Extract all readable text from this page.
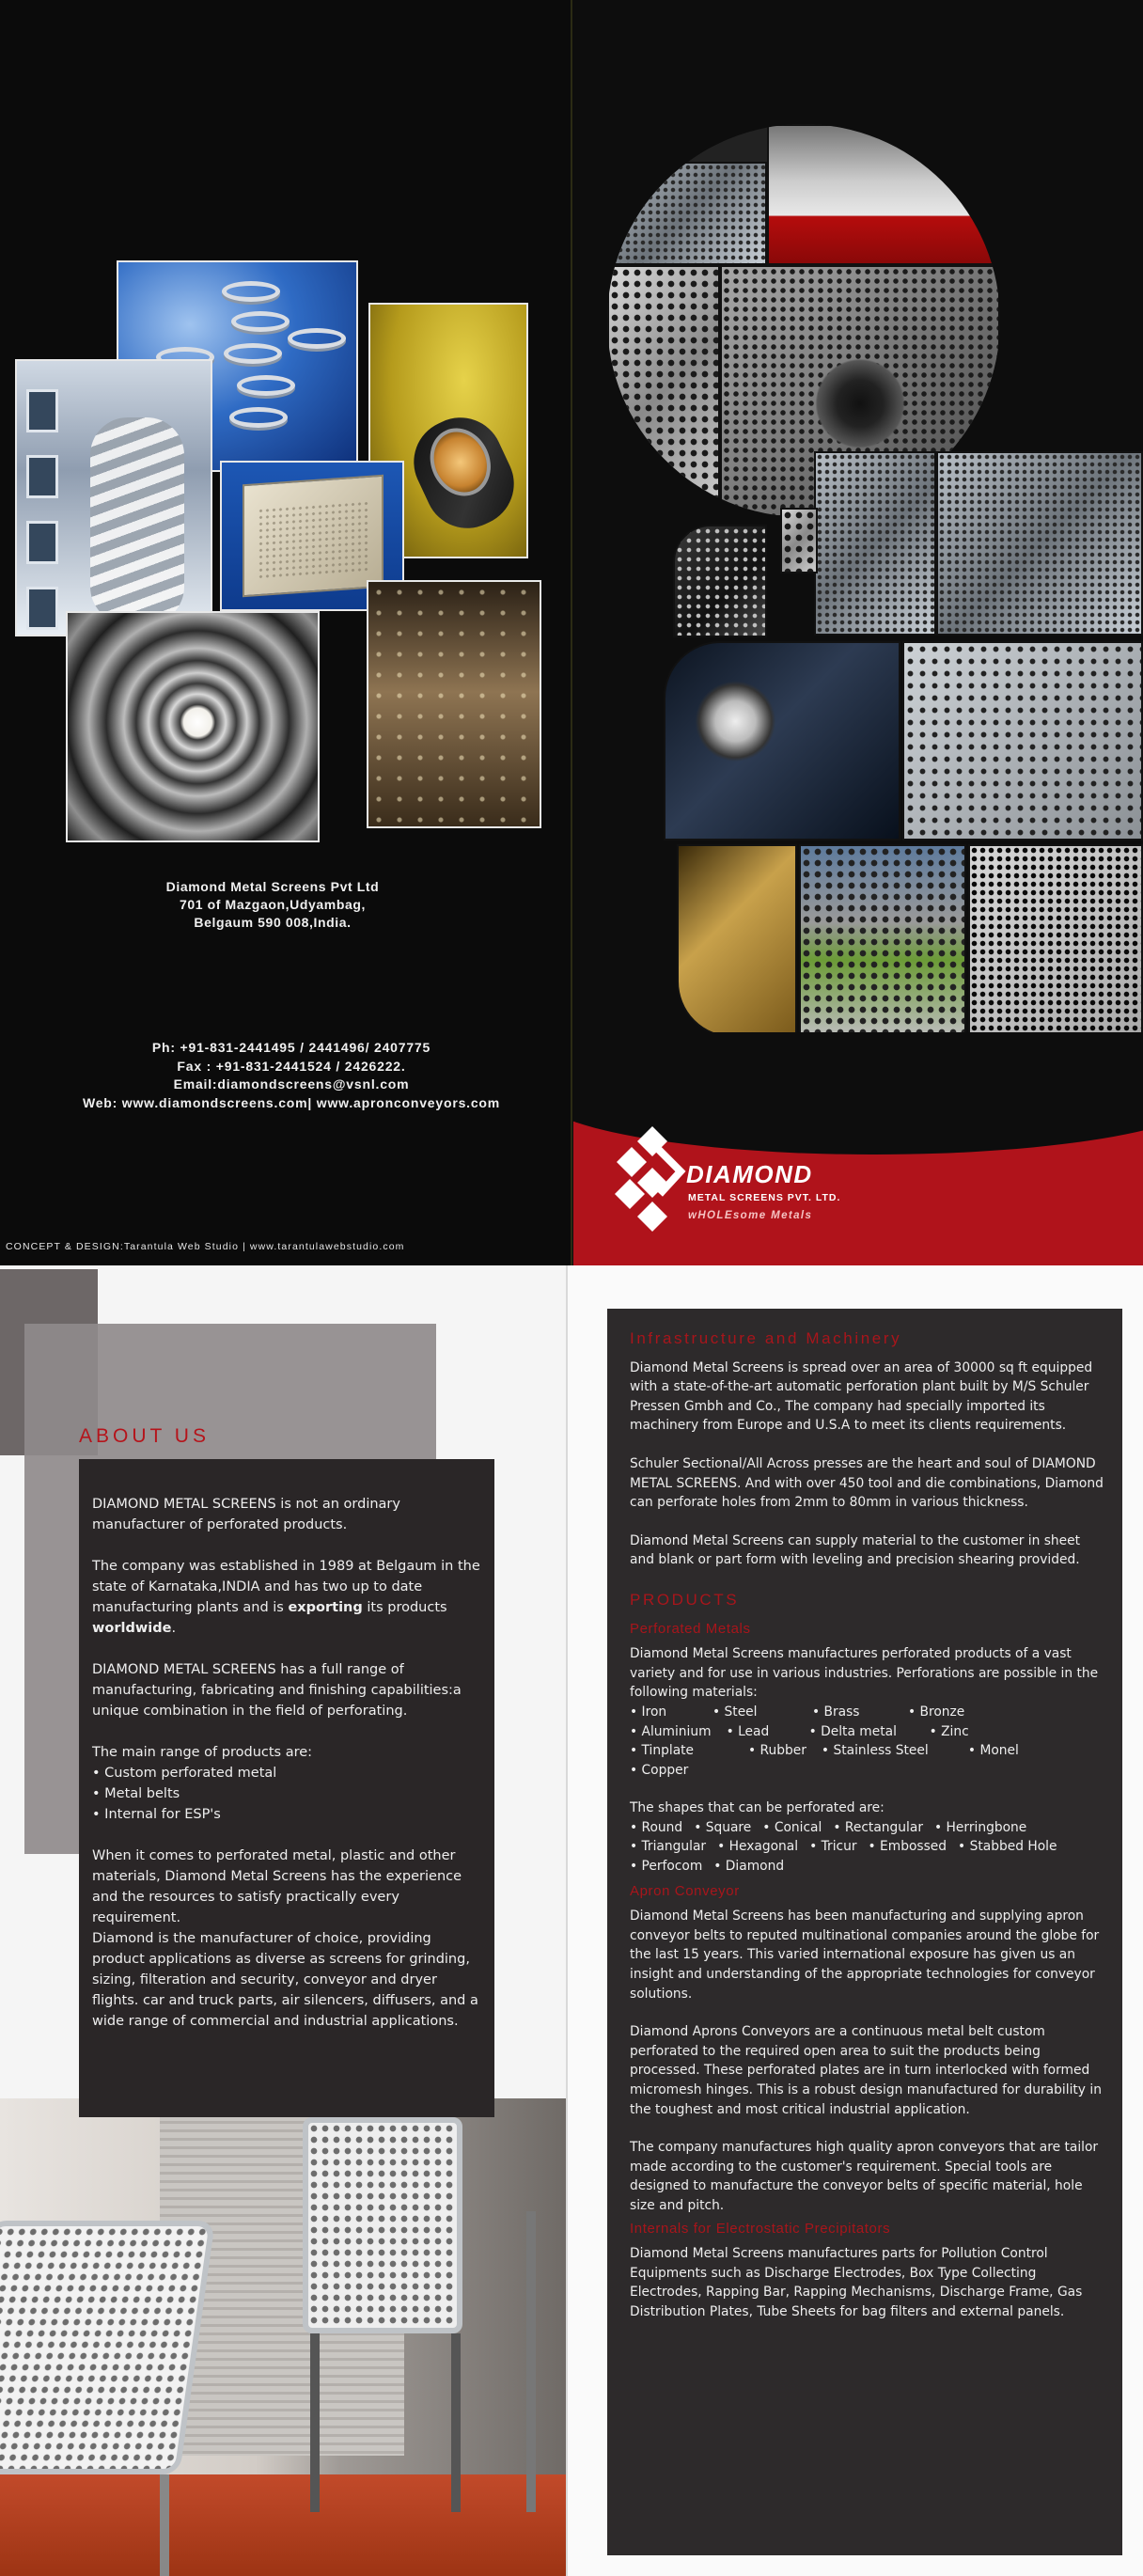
Diamond Metal Screens Pvt Ltd
701 of Mazgaon,Udyambag,
Belgaum 590 008,India.
Ph: +91-831-2441495 / 2441496/ 2407775
Fax : +91-831-2441524 / 2426222.
Email:diamondscreens@vsnl.com
Web: www.diamondscreens.com| www.apronconveyors.com
CONCEPT & DESIGN:Tarantula Web Studio | www.tarantulawebstudio.com
DIAMOND
METAL SCREENS PVT. LTD.
wHOLEsome Metals
ABOUT US

DIAMOND METAL SCREENS is not an ordinary manufacturer of perforated products.

The company was established in 1989 at Belgaum in the state of Karnataka,INDIA and has two up to date manufacturing plants and is exporting its products worldwide.

DIAMOND METAL SCREENS has a full range of manufacturing, fabricating and finishing capabilities:a unique combination in the field of perforating.

The main range of products are:

• Custom perforated metal

• Metal belts

• Internal for ESP's

When it comes to perforated metal, plastic and other materials, Diamond Metal Screens has the experience and the resources to satisfy practically every requirement.

Diamond is the manufacturer of choice, providing product applications as diverse as screens for grinding, sizing, filteration and security, conveyor and dryer flights. car and truck parts, air silencers, diffusers, and a wide range of commercial and industrial applications.

Infrastructure and Machinery

Diamond Metal Screens is spread over an area of 30000 sq ft equipped with a state-of-the-art automatic perforation plant built by M/S Schuler Pressen Gmbh and Co., The company had specially imported its machinery from Europe and U.S.A to meet its clients requirements.

Schuler Sectional/All Across presses are the heart and soul of DIAMOND METAL SCREENS. And with over 450 tool and die combinations, Diamond can perforate holes from 2mm to 80mm in various thickness.

Diamond Metal Screens can supply material to the customer in sheet and blank or part form with leveling and precision shearing provided.

PRODUCTS
Perforated Metals

Diamond Metal Screens manufactures perforated products of a vast variety and for use in various industries. Perforations are possible in the following materials:

• Iron	• Steel	• Brass	• Bronze
• Aluminium • Lead	• Delta metal	• Zinc
• Tinplate	• Rubber • Stainless Steel	• Monel
• Copper

The shapes that can be perforated are:

• Round • Square • Conical • Rectangular • Herringbone
• Triangular • Hexagonal • Tricur • Embossed • Stabbed Hole
• Perfocom • Diamond
Apron Conveyor

Diamond Metal Screens has been manufacturing and supplying apron conveyor belts to reputed multinational companies around the globe for the last 15 years. This varied international exposure has given us an insight and understanding of the appropriate technologies for conveyor solutions.

Diamond Aprons Conveyors are a continuous metal belt custom perforated to the required open area to suit the products being processed. These perforated plates are in turn interlocked with formed micromesh hinges. This is a robust design manufactured for durability in the toughest and most critical industrial application.

The company manufactures high quality apron conveyors that are tailor made according to the customer's requirement. Special tools are designed to manufacture the conveyor belts of specific material, hole size and pitch.

Internals for Electrostatic Precipitators

Diamond Metal Screens manufactures parts for Pollution Control Equipments such as Discharge Electrodes, Box Type Collecting Electrodes, Rapping Bar, Rapping Mechanisms, Discharge Frame, Gas Distribution Plates, Tube Sheets for bag filters and external panels.
